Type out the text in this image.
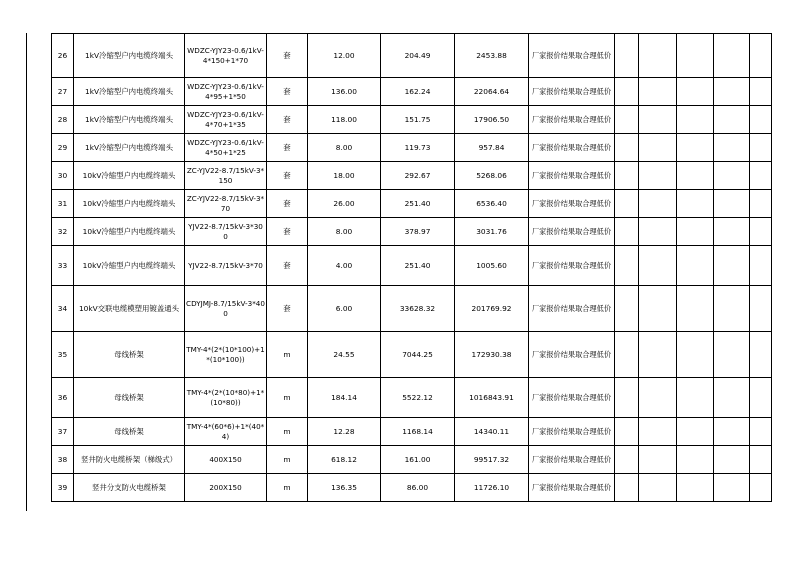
26	1kV冷缩型户内电缆终端头	WDZC-YJY23-0.6/1kV-4*150+1*70	套	12.00	204.49	2453.88	厂家报价结果取合理低价					
27	1kV冷缩型户内电缆终端头	WDZC-YJY23-0.6/1kV-4*95+1*50	套	136.00	162.24	22064.64	厂家报价结果取合理低价					
28	1kV冷缩型户内电缆终端头	WDZC-YJY23-0.6/1kV-4*70+1*35	套	118.00	151.75	17906.50	厂家报价结果取合理低价					
29	1kV冷缩型户内电缆终端头	WDZC-YJY23-0.6/1kV-4*50+1*25	套	8.00	119.73	957.84	厂家报价结果取合理低价					
30	10kV冷缩型户内电缆终端头	ZC-YJV22-8.7/15kV-3*150	套	18.00	292.67	5268.06	厂家报价结果取合理低价					
31	10kV冷缩型户内电缆终端头	ZC-YJV22-8.7/15kV-3*70	套	26.00	251.40	6536.40	厂家报价结果取合理低价					
32	10kV冷缩型户内电缆终端头	YJV22-8.7/15kV-3*300	套	8.00	378.97	3031.76	厂家报价结果取合理低价					
33	10kV冷缩型户内电缆终端头	YJV22-8.7/15kV-3*70	套	4.00	251.40	1005.60	厂家报价结果取合理低价					
34	10kV交联电缆模塑用镀盖通头	CDYJMJ-8.7/15kV-3*400	套	6.00	33628.32	201769.92	厂家报价结果取合理低价					
35	母线桥架	TMY-4*(2*(10*100)+1*(10*100))	m	24.55	7044.25	172930.38	厂家报价结果取合理低价					
36	母线桥架	TMY-4*(2*(10*80)+1*(10*80))	m	184.14	5522.12	1016843.91	厂家报价结果取合理低价					
37	母线桥架	TMY-4*(60*6)+1*(40*4)	m	12.28	1168.14	14340.11	厂家报价结果取合理低价					
38	竖井防火电缆桥架（梯级式）	400X150	m	618.12	161.00	99517.32	厂家报价结果取合理低价					
39	竖井分支防火电缆桥架	200X150	m	136.35	86.00	11726.10	厂家报价结果取合理低价					
